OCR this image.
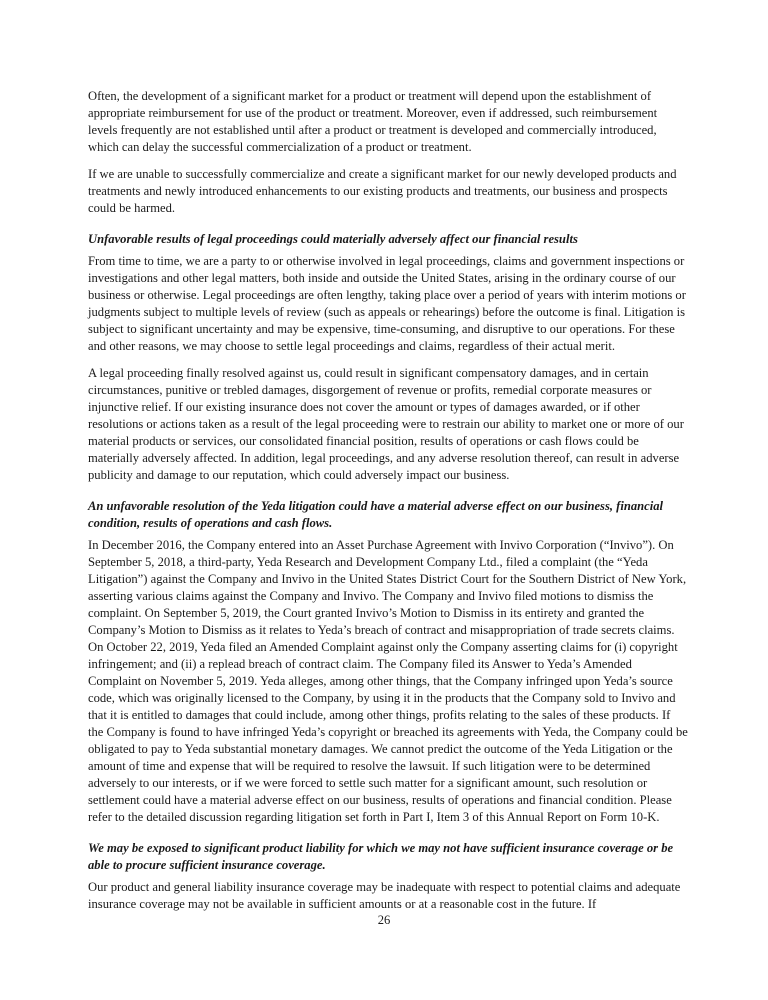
Often, the development of a significant market for a product or treatment will depend upon the establishment of appropriate reimbursement for use of the product or treatment. Moreover, even if addressed, such reimbursement levels frequently are not established until after a product or treatment is developed and commercially introduced, which can delay the successful commercialization of a product or treatment.

If we are unable to successfully commercialize and create a significant market for our newly developed products and treatments and newly introduced enhancements to our existing products and treatments, our business and prospects could be harmed.

Unfavorable results of legal proceedings could materially adversely affect our financial results

From time to time, we are a party to or otherwise involved in legal proceedings, claims and government inspections or investigations and other legal matters, both inside and outside the United States, arising in the ordinary course of our business or otherwise. Legal proceedings are often lengthy, taking place over a period of years with interim motions or judgments subject to multiple levels of review (such as appeals or rehearings) before the outcome is final. Litigation is subject to significant uncertainty and may be expensive, time-consuming, and disruptive to our operations. For these and other reasons, we may choose to settle legal proceedings and claims, regardless of their actual merit.

A legal proceeding finally resolved against us, could result in significant compensatory damages, and in certain circumstances, punitive or trebled damages, disgorgement of revenue or profits, remedial corporate measures or injunctive relief. If our existing insurance does not cover the amount or types of damages awarded, or if other resolutions or actions taken as a result of the legal proceeding were to restrain our ability to market one or more of our material products or services, our consolidated financial position, results of operations or cash flows could be materially adversely affected. In addition, legal proceedings, and any adverse resolution thereof, can result in adverse publicity and damage to our reputation, which could adversely impact our business.

An unfavorable resolution of the Yeda litigation could have a material adverse effect on our business, financial condition, results of operations and cash flows.

In December 2016, the Company entered into an Asset Purchase Agreement with Invivo Corporation (“Invivo”). On September 5, 2018, a third-party, Yeda Research and Development Company Ltd., filed a complaint (the “Yeda Litigation”) against the Company and Invivo in the United States District Court for the Southern District of New York, asserting various claims against the Company and Invivo. The Company and Invivo filed motions to dismiss the complaint. On September 5, 2019, the Court granted Invivo’s Motion to Dismiss in its entirety and granted the Company’s Motion to Dismiss as it relates to Yeda’s breach of contract and misappropriation of trade secrets claims. On October 22, 2019, Yeda filed an Amended Complaint against only the Company asserting claims for (i) copyright infringement; and (ii) a replead breach of contract claim. The Company filed its Answer to Yeda’s Amended Complaint on November 5, 2019. Yeda alleges, among other things, that the Company infringed upon Yeda’s source code, which was originally licensed to the Company, by using it in the products that the Company sold to Invivo and that it is entitled to damages that could include, among other things, profits relating to the sales of these products. If the Company is found to have infringed Yeda’s copyright or breached its agreements with Yeda, the Company could be obligated to pay to Yeda substantial monetary damages. We cannot predict the outcome of the Yeda Litigation or the amount of time and expense that will be required to resolve the lawsuit. If such litigation were to be determined adversely to our interests, or if we were forced to settle such matter for a significant amount, such resolution or settlement could have a material adverse effect on our business, results of operations and financial condition. Please refer to the detailed discussion regarding litigation set forth in Part I, Item 3 of this Annual Report on Form 10-K.

We may be exposed to significant product liability for which we may not have sufficient insurance coverage or be able to procure sufficient insurance coverage.

Our product and general liability insurance coverage may be inadequate with respect to potential claims and adequate insurance coverage may not be available in sufficient amounts or at a reasonable cost in the future. If

26
